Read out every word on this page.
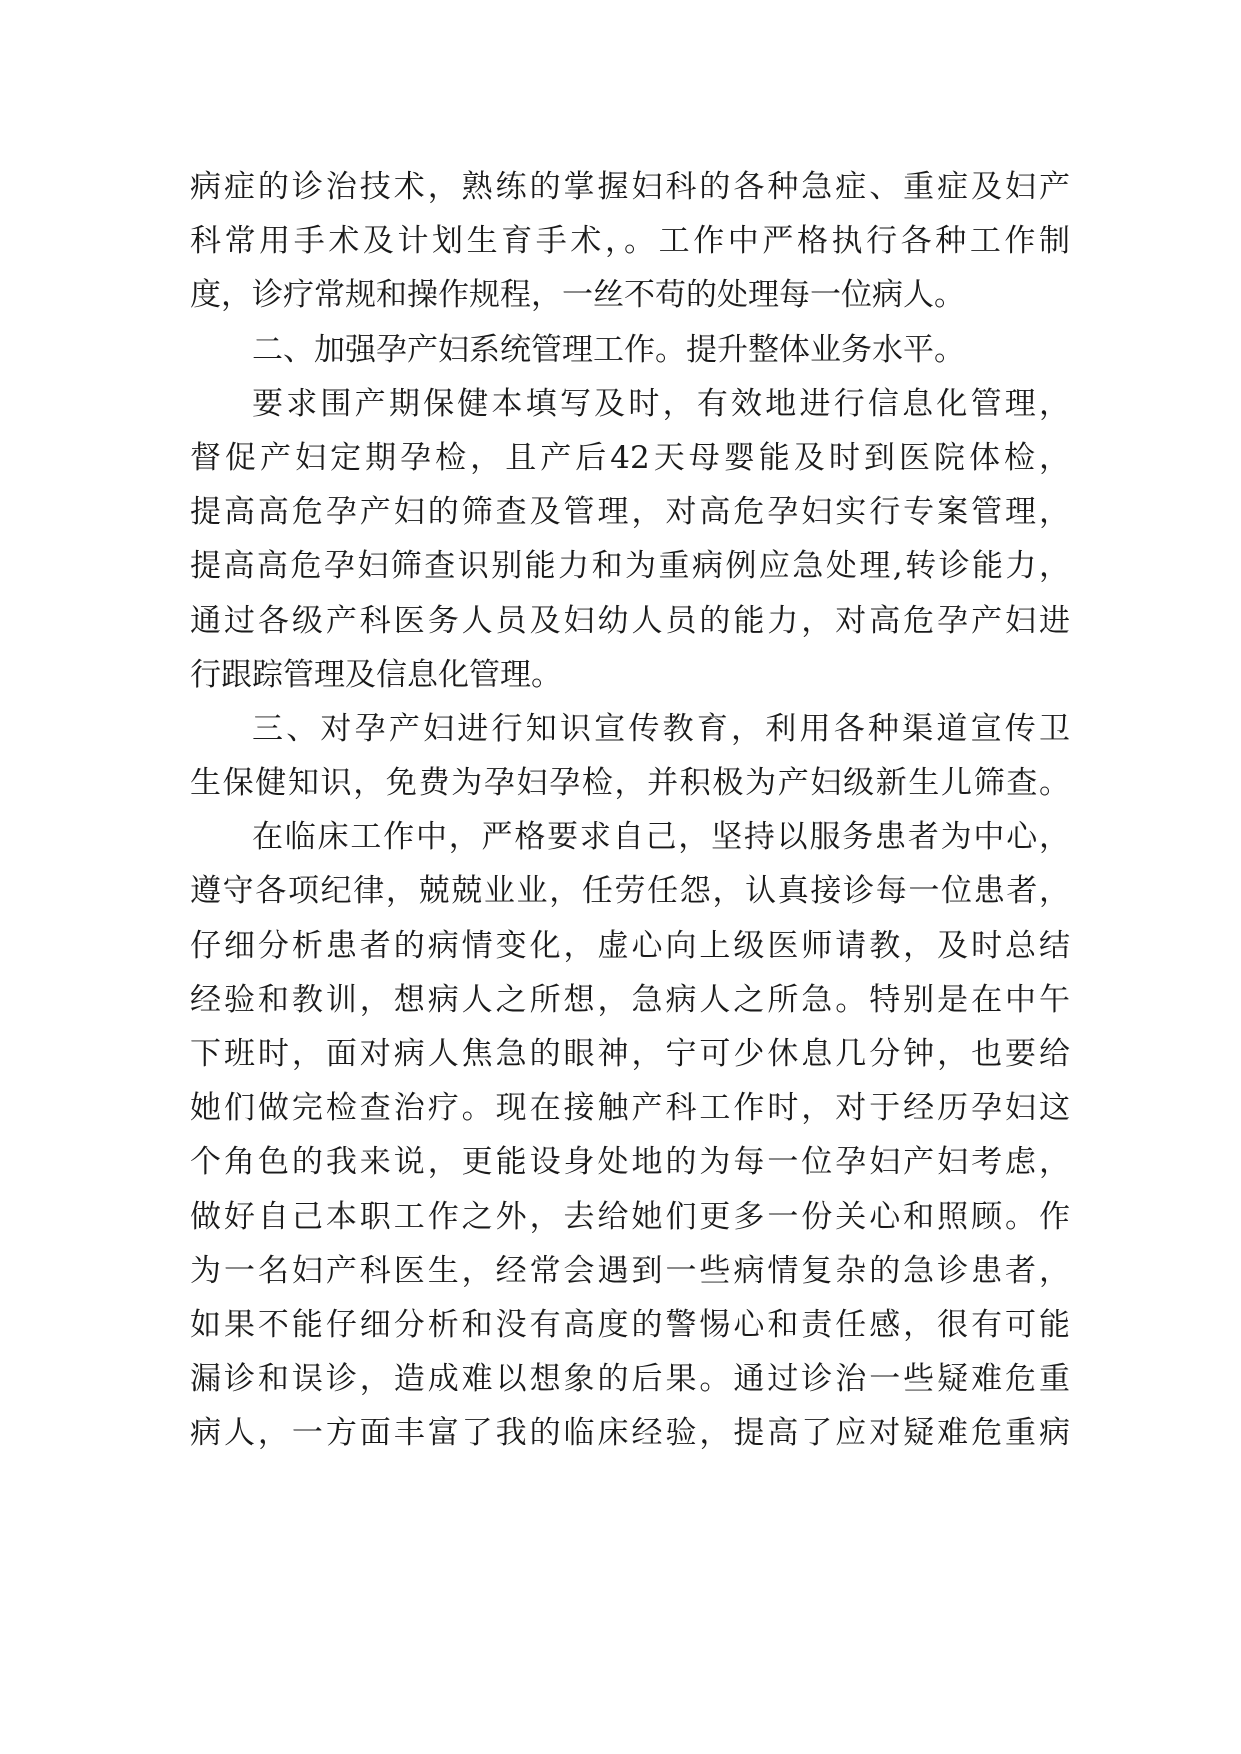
病症的诊治技术，熟练的掌握妇科的各种急症、重症及妇产
科常用手术及计划生育手术，。工作中严格执行各种工作制
度，诊疗常规和操作规程，一丝不苟的处理每一位病人。
二、加强孕产妇系统管理工作。提升整体业务水平。
要求围产期保健本填写及时，有效地进行信息化管理，
督促产妇定期孕检，且产后42天母婴能及时到医院体检，
提高高危孕产妇的筛查及管理，对高危孕妇实行专案管理，
提高高危孕妇筛查识别能力和为重病例应急处理,转诊能力，
通过各级产科医务人员及妇幼人员的能力，对高危孕产妇进
行跟踪管理及信息化管理。
三、对孕产妇进行知识宣传教育，利用各种渠道宣传卫
生保健知识，免费为孕妇孕检，并积极为产妇级新生儿筛查。
在临床工作中，严格要求自己，坚持以服务患者为中心，
遵守各项纪律，兢兢业业，任劳任怨，认真接诊每一位患者，
仔细分析患者的病情变化，虚心向上级医师请教，及时总结
经验和教训，想病人之所想，急病人之所急。特别是在中午
下班时，面对病人焦急的眼神，宁可少休息几分钟，也要给
她们做完检查治疗。现在接触产科工作时，对于经历孕妇这
个角色的我来说，更能设身处地的为每一位孕妇产妇考虑，
做好自己本职工作之外，去给她们更多一份关心和照顾。作
为一名妇产科医生，经常会遇到一些病情复杂的急诊患者，
如果不能仔细分析和没有高度的警惕心和责任感，很有可能
漏诊和误诊，造成难以想象的后果。通过诊治一些疑难危重
病人，一方面丰富了我的临床经验，提高了应对疑难危重病
